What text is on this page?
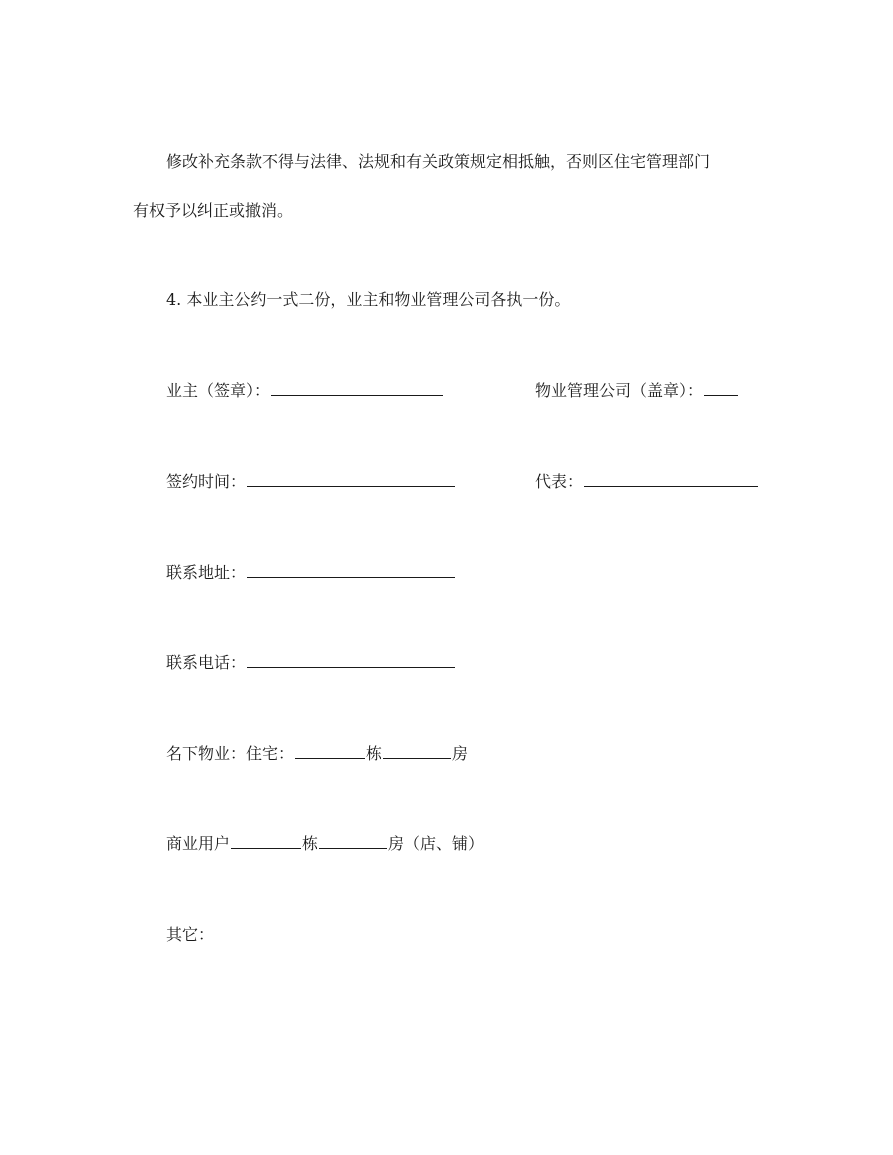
修改补充条款不得与法律、法规和有关政策规定相抵触，否则区住宅管理部门
有权予以纠正或撤消。
4. 本业主公约一式二份，业主和物业管理公司各执一份。
业主（签章）：	物业管理公司（盖章）：
签约时间：	代表：
联系地址：
联系电话：
名下物业：住宅：	栋	房
商业用户	栋	房（店、铺）
其它：
